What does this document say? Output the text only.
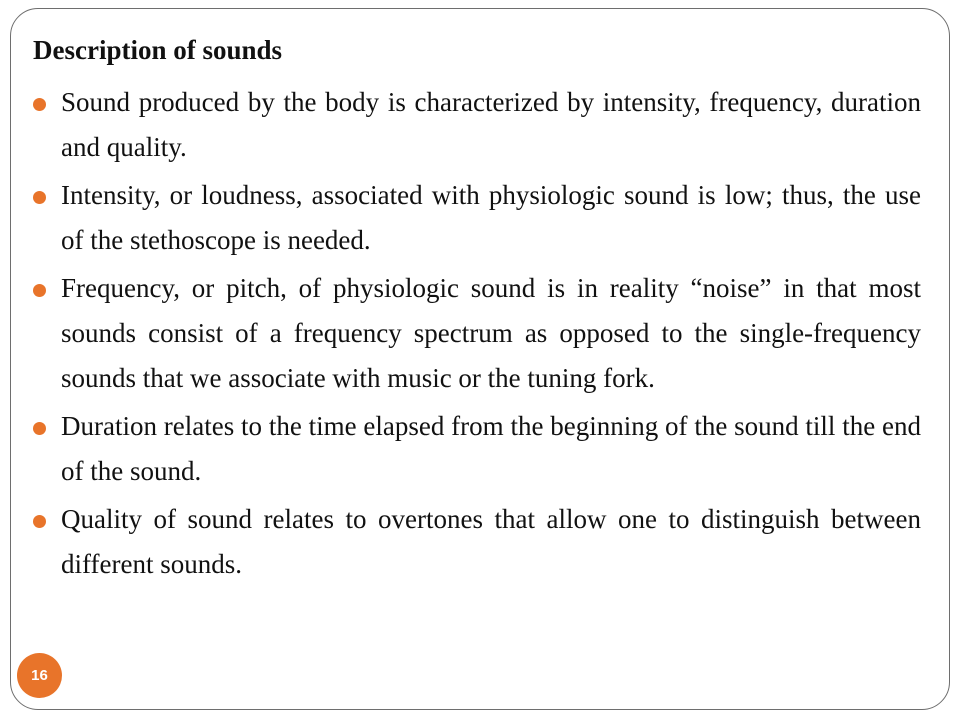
Description of sounds
Sound produced by the body is characterized by intensity, frequency, duration and quality.
Intensity, or loudness, associated with physiologic sound is low; thus, the use of the stethoscope is needed.
Frequency, or pitch, of physiologic sound is in reality “noise” in that most sounds consist of a frequency spectrum as opposed to the single-frequency sounds that we associate with music or the tuning fork.
Duration relates to the time elapsed from the beginning of the sound till the end of the sound.
Quality of sound relates to overtones that allow one to distinguish between different sounds.
16
